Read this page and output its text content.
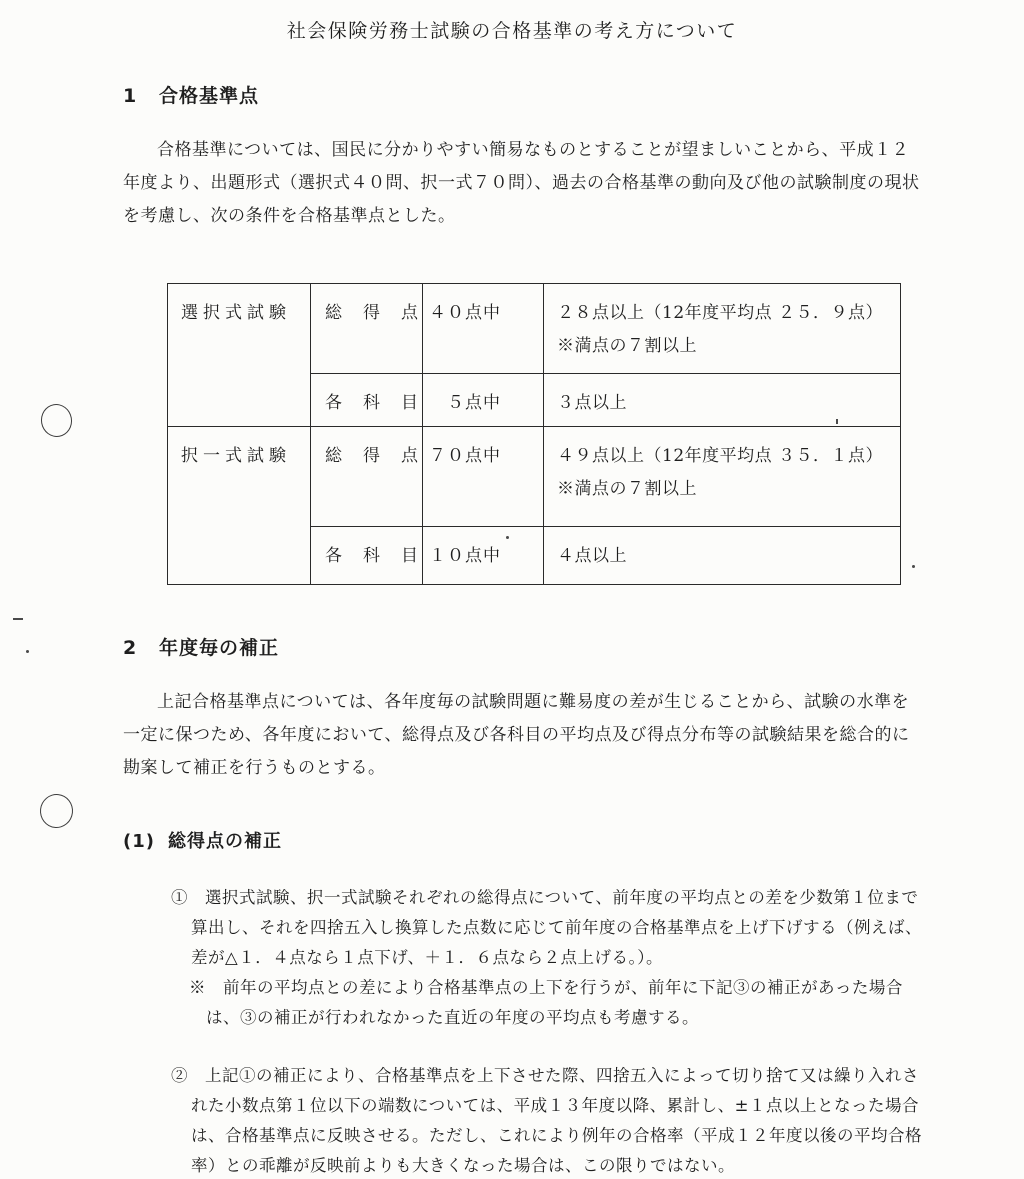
社会保険労務士試験の合格基準の考え方について
1 合格基準点
合格基準については、国民に分かりやすい簡易なものとすることが望ましいことから、平成１２年度より、出題形式（選択式４０問、択一式７０問）、過去の合格基準の動向及び他の試験制度の現状を考慮し、次の条件を合格基準点とした。
選択式試験	総　得　点	４０点中	２８点以上（12年度平均点 ２５．９点）
※満点の７割以上

	各　科　目	５点中	３点以上

択一式試験	総　得　点	７０点中	４９点以上（12年度平均点 ３５．１点）
※満点の７割以上

	各　科　目	１０点中	４点以上
2 年度毎の補正
上記合格基準点については、各年度毎の試験問題に難易度の差が生じることから、試験の水準を一定に保つため、各年度において、総得点及び各科目の平均点及び得点分布等の試験結果を総合的に勘案して補正を行うものとする。
(1) 総得点の補正
①　選択式試験、択一式試験それぞれの総得点について、前年度の平均点との差を少数第１位まで算出し、それを四捨五入し換算した点数に応じて前年度の合格基準点を上げ下げする（例えば、差が△１．４点なら１点下げ、＋１．６点なら２点上げる。）。
※　前年の平均点との差により合格基準点の上下を行うが、前年に下記③の補正があった場合は、③の補正が行われなかった直近の年度の平均点も考慮する。
②　上記①の補正により、合格基準点を上下させた際、四捨五入によって切り捨て又は繰り入れされた小数点第１位以下の端数については、平成１３年度以降、累計し、±１点以上となった場合は、合格基準点に反映させる。ただし、これにより例年の合格率（平成１２年度以後の平均合格率）との乖離が反映前よりも大きくなった場合は、この限りではない。
